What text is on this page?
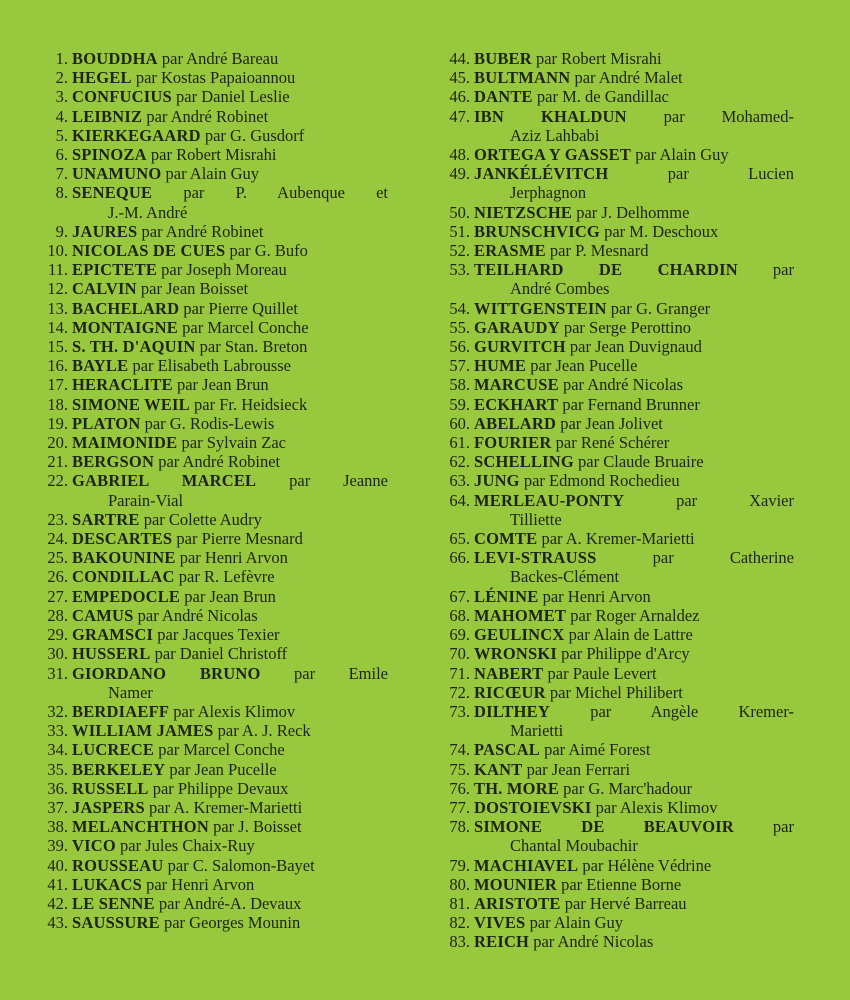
1. BOUDDHA par André Bareau
2. HEGEL par Kostas Papaioannou
3. CONFUCIUS par Daniel Leslie
4. LEIBNIZ par André Robinet
5. KIERKEGAARD par G. Gusdorf
6. SPINOZA par Robert Misrahi
7. UNAMUNO par Alain Guy
8. SENEQUE par P. Aubenque et
J.-M. André
9. JAURES par André Robinet
10. NICOLAS DE CUES par G. Bufo
11. EPICTETE par Joseph Moreau
12. CALVIN par Jean Boisset
13. BACHELARD par Pierre Quillet
14. MONTAIGNE par Marcel Conche
15. S. TH. D'AQUIN par Stan. Breton
16. BAYLE par Elisabeth Labrousse
17. HERACLITE par Jean Brun
18. SIMONE WEIL par Fr. Heidsieck
19. PLATON par G. Rodis-Lewis
20. MAIMONIDE par Sylvain Zac
21. BERGSON par André Robinet
22. GABRIEL MARCEL par Jeanne
Parain-Vial
23. SARTRE par Colette Audry
24. DESCARTES par Pierre Mesnard
25. BAKOUNINE par Henri Arvon
26. CONDILLAC par R. Lefèvre
27. EMPEDOCLE par Jean Brun
28. CAMUS par André Nicolas
29. GRAMSCI par Jacques Texier
30. HUSSERL par Daniel Christoff
31. GIORDANO BRUNO par Emile
Namer
32. BERDIAEFF par Alexis Klimov
33. WILLIAM JAMES par A. J. Reck
34. LUCRECE par Marcel Conche
35. BERKELEY par Jean Pucelle
36. RUSSELL par Philippe Devaux
37. JASPERS par A. Kremer-Marietti
38. MELANCHTHON par J. Boisset
39. VICO par Jules Chaix-Ruy
40. ROUSSEAU par C. Salomon-Bayet
41. LUKACS par Henri Arvon
42. LE SENNE par André-A. Devaux
43. SAUSSURE par Georges Mounin
44. BUBER par Robert Misrahi
45. BULTMANN par André Malet
46. DANTE par M. de Gandillac
47. IBN KHALDUN par Mohamed-
Aziz Lahbabi
48. ORTEGA Y GASSET par Alain Guy
49. JANKÉLÉVITCH par Lucien
Jerphagnon
50. NIETZSCHE par J. Delhomme
51. BRUNSCHVICG par M. Deschoux
52. ERASME par P. Mesnard
53. TEILHARD DE CHARDIN par
André Combes
54. WITTGENSTEIN par G. Granger
55. GARAUDY par Serge Perottino
56. GURVITCH par Jean Duvignaud
57. HUME par Jean Pucelle
58. MARCUSE par André Nicolas
59. ECKHART par Fernand Brunner
60. ABELARD par Jean Jolivet
61. FOURIER par René Schérer
62. SCHELLING par Claude Bruaire
63. JUNG par Edmond Rochedieu
64. MERLEAU-PONTY par Xavier
Tilliette
65. COMTE par A. Kremer-Marietti
66. LEVI-STRAUSS par Catherine
Backes-Clément
67. LÉNINE par Henri Arvon
68. MAHOMET par Roger Arnaldez
69. GEULINCX par Alain de Lattre
70. WRONSKI par Philippe d'Arcy
71. NABERT par Paule Levert
72. RICŒUR par Michel Philibert
73. DILTHEY par Angèle Kremer-
Marietti
74. PASCAL par Aimé Forest
75. KANT par Jean Ferrari
76. TH. MORE par G. Marc'hadour
77. DOSTOIEVSKI par Alexis Klimov
78. SIMONE DE BEAUVOIR par
Chantal Moubachir
79. MACHIAVEL par Hélène Védrine
80. MOUNIER par Etienne Borne
81. ARISTOTE par Hervé Barreau
82. VIVES par Alain Guy
83. REICH par André Nicolas
